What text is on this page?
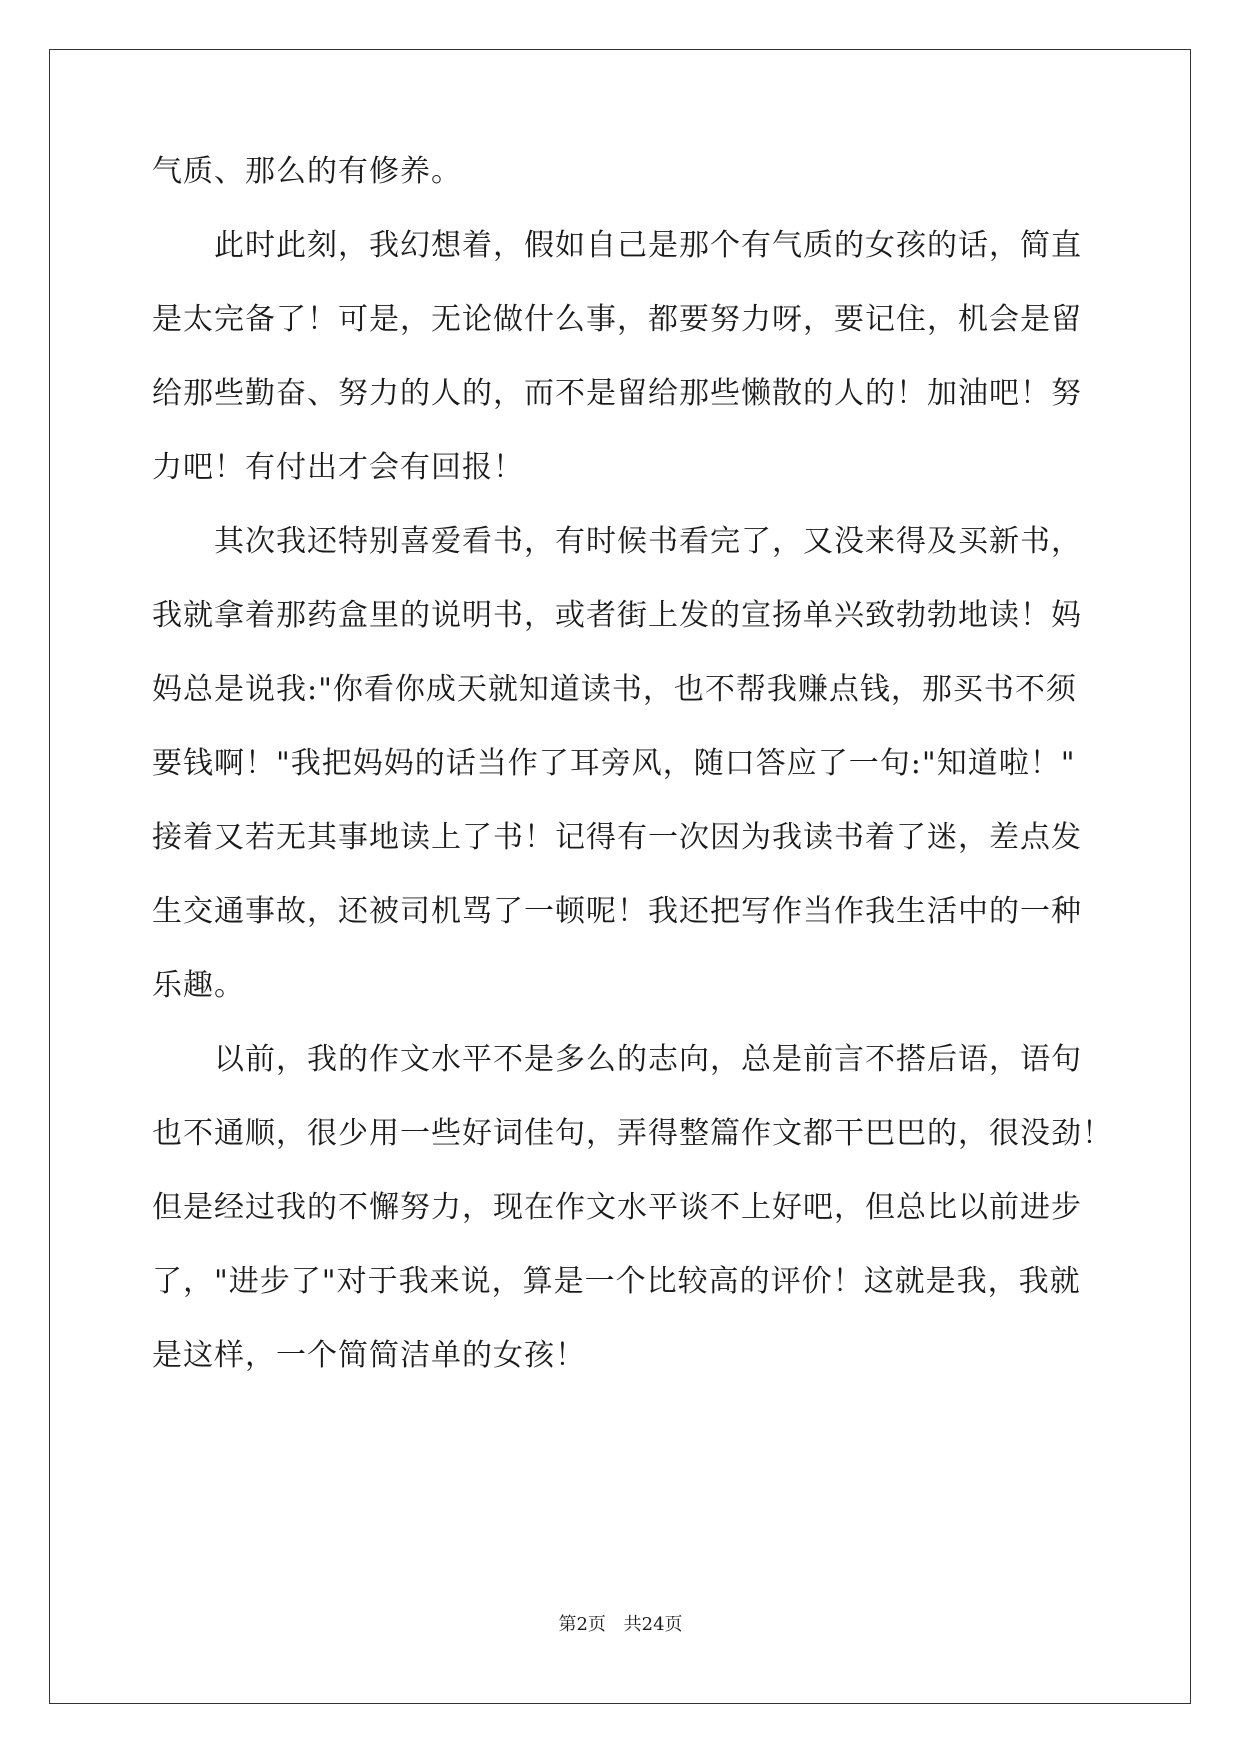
气质、那么的有修养。
此时此刻，我幻想着，假如自己是那个有气质的女孩的话，简直
是太完备了！可是，无论做什么事，都要努力呀，要记住，机会是留
给那些勤奋、努力的人的，而不是留给那些懒散的人的！加油吧！努
力吧！有付出才会有回报！
其次我还特别喜爱看书，有时候书看完了，又没来得及买新书，
我就拿着那药盒里的说明书，或者街上发的宣扬单兴致勃勃地读！妈
妈总是说我:"你看你成天就知道读书，也不帮我赚点钱，那买书不须
要钱啊！"我把妈妈的话当作了耳旁风，随口答应了一句:"知道啦！"
接着又若无其事地读上了书！记得有一次因为我读书着了迷，差点发
生交通事故，还被司机骂了一顿呢！我还把写作当作我生活中的一种
乐趣。
以前，我的作文水平不是多么的志向，总是前言不搭后语，语句
也不通顺，很少用一些好词佳句，弄得整篇作文都干巴巴的，很没劲！
但是经过我的不懈努力，现在作文水平谈不上好吧，但总比以前进步
了，"进步了"对于我来说，算是一个比较高的评价！这就是我，我就
是这样，一个简简洁单的女孩！
第2页 共24页
